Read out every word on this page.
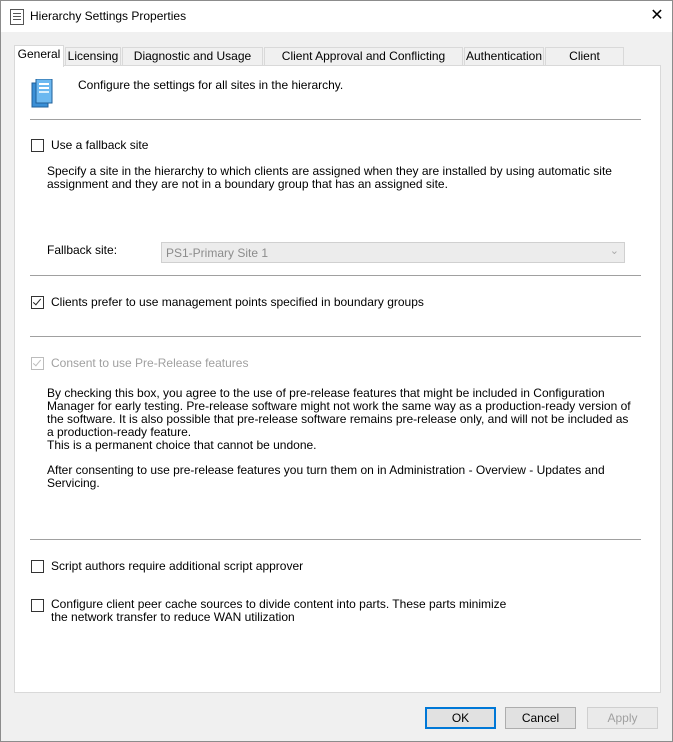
Hierarchy Settings Properties	✕
General Licensing	Diagnostic and Usage	Client Approval and Conflicting	Authentication	Client
Configure the settings for all sites in the hierarchy.
Use a fallback site
Specify a site in the hierarchy to which clients are assigned when they are installed by using automatic site assignment and they are not in a boundary group that has an assigned site.
Fallback site:	PS1-Primary Site 1	⌄
Clients prefer to use management points specified in boundary groups
Consent to use Pre-Release features
By checking this box, you agree to the use of pre-release features that might be included in Configuration Manager for early testing. Pre-release software might not work the same way as a production-ready version of the software. It is also possible that pre-release software remains pre-release only, and will not be included as a production-ready feature.
This is a permanent choice that cannot be undone.
After consenting to use pre-release features you turn them on in Administration - Overview - Updates and Servicing.
Script authors require additional script approver
Configure client peer cache sources to divide content into parts. These parts minimize the network transfer to reduce WAN utilization
OK	Cancel	Apply
